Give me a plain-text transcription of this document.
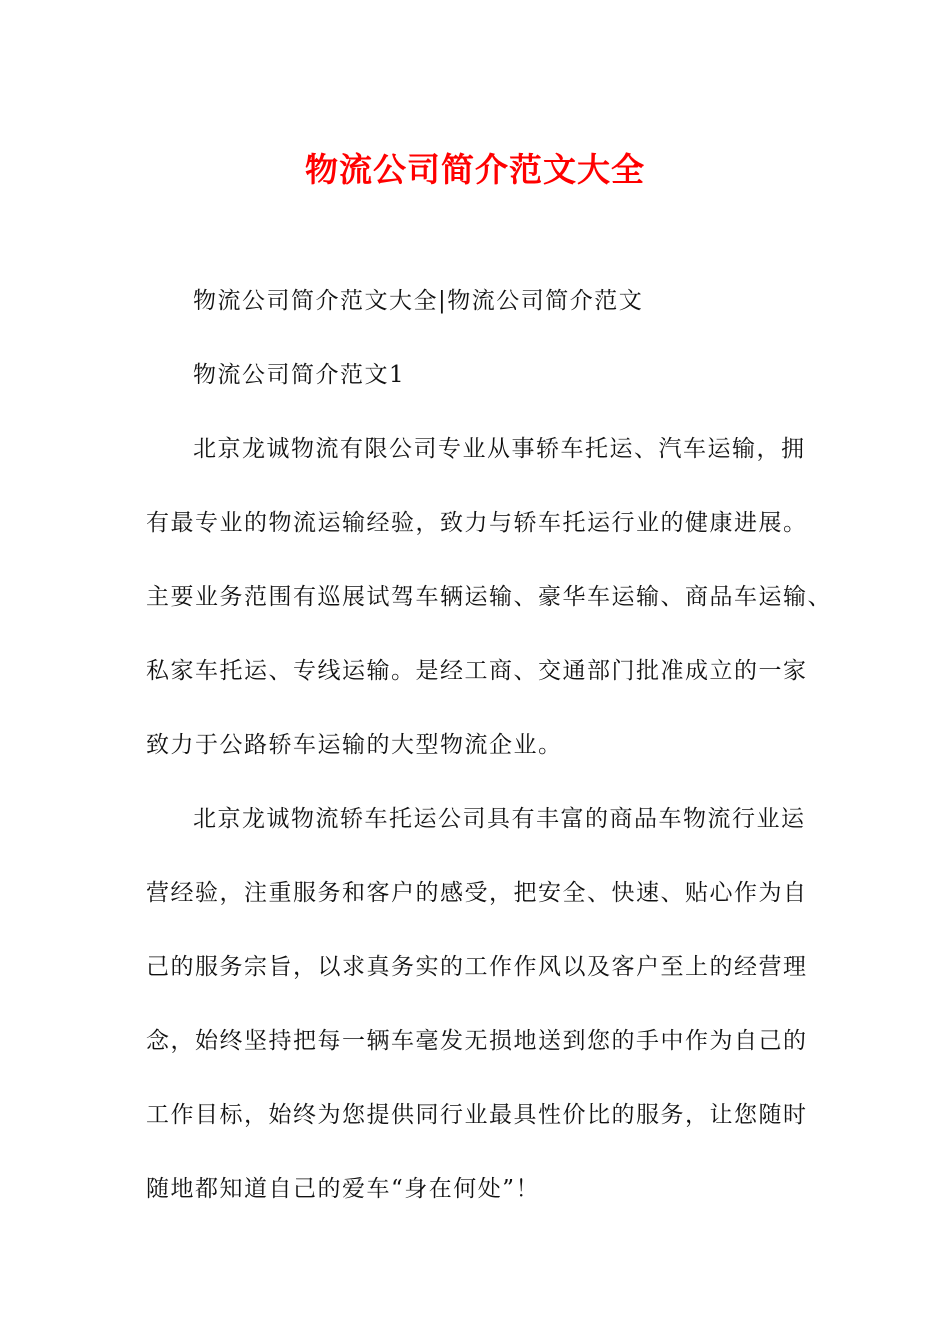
物流公司简介范文大全
物流公司简介范文大全|物流公司简介范文
物流公司简介范文1
北京龙诚物流有限公司专业从事轿车托运、汽车运输，拥
有最专业的物流运输经验，致力与轿车托运行业的健康进展。
主要业务范围有巡展试驾车辆运输、豪华车运输、商品车运输、
私家车托运、专线运输。是经工商、交通部门批准成立的一家
致力于公路轿车运输的大型物流企业。
北京龙诚物流轿车托运公司具有丰富的商品车物流行业运
营经验，注重服务和客户的感受，把安全、快速、贴心作为自
己的服务宗旨，以求真务实的工作作风以及客户至上的经营理
念，始终坚持把每一辆车毫发无损地送到您的手中作为自己的
工作目标，始终为您提供同行业最具性价比的服务，让您随时
随地都知道自己的爱车“身在何处”！
